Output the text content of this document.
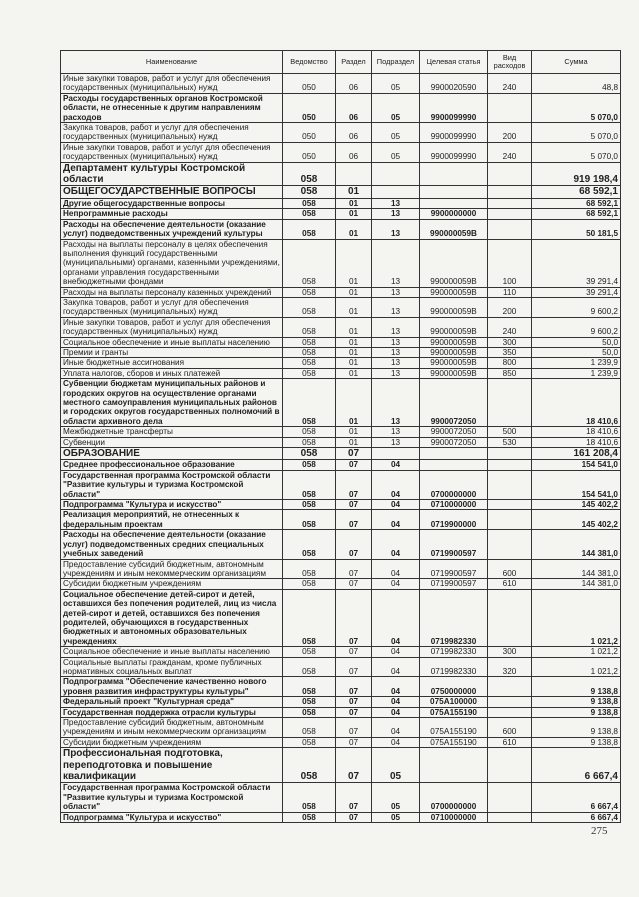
Наименование	Ведомство	Раздел	Подраздел	Целевая статья	Вид расходов	Сумма
Иные закупки товаров, работ и услуг для обеспечения государственных (муниципальных) нужд	050	06	05	9900020590	240	48,8
Расходы государственных органов Костромской области, не отнесенные к другим направлениям расходов	050	06	05	9900099990		5 070,0
Закупка товаров, работ и услуг для обеспечения государственных (муниципальных) нужд	050	06	05	9900099990	200	5 070,0
Иные закупки товаров, работ и услуг для обеспечения государственных (муниципальных) нужд	050	06	05	9900099990	240	5 070,0
Департамент культуры Костромской области	058					919 198,4
ОБЩЕГОСУДАРСТВЕННЫЕ ВОПРОСЫ	058	01				68 592,1
Другие общегосударственные вопросы	058	01	13			68 592,1
Непрограммные расходы	058	01	13	9900000000		68 592,1
Расходы на обеспечение деятельности (оказание услуг) подведомственных учреждений культуры	058	01	13	990000059В		50 181,5
Расходы на выплаты персоналу в целях обеспечения выполнения функций государственными (муниципальными) органами, казенными учреждениями, органами управления государственными внебюджетными фондами	058	01	13	990000059В	100	39 291,4
Расходы на выплаты персоналу казенных учреждений	058	01	13	990000059В	110	39 291,4
Закупка товаров, работ и услуг для обеспечения государственных (муниципальных) нужд	058	01	13	990000059В	200	9 600,2
Иные закупки товаров, работ и услуг для обеспечения государственных (муниципальных) нужд	058	01	13	990000059В	240	9 600,2
Социальное обеспечение и иные выплаты населению	058	01	13	990000059В	300	50,0
Премии и гранты	058	01	13	990000059В	350	50,0
Иные бюджетные ассигнования	058	01	13	990000059В	800	1 239,9
Уплата налогов, сборов и иных платежей	058	01	13	990000059В	850	1 239,9
Субвенции бюджетам муниципальных районов и городских округов на осуществление органами местного самоуправления муниципальных районов и городских округов государственных полномочий в области архивного дела	058	01	13	9900072050		18 410,6
Межбюджетные трансферты	058	01	13	9900072050	500	18 410,6
Субвенции	058	01	13	9900072050	530	18 410,6
ОБРАЗОВАНИЕ	058	07				161 208,4
Среднее профессиональное образование	058	07	04			154 541,0
Государственная программа Костромской области "Развитие культуры и туризма Костромской области"	058	07	04	0700000000		154 541,0
Подпрограмма "Культура и искусство"	058	07	04	0710000000		145 402,2
Реализация мероприятий, не отнесенных к федеральным проектам	058	07	04	0719900000		145 402,2
Расходы на обеспечение деятельности (оказание услуг) подведомственных средних специальных учебных заведений	058	07	04	0719900597		144 381,0
Предоставление субсидий бюджетным, автономным учреждениям и иным некоммерческим организациям	058	07	04	0719900597	600	144 381,0
Субсидии бюджетным учреждениям	058	07	04	0719900597	610	144 381,0
Социальное обеспечение детей-сирот и детей, оставшихся без попечения родителей, лиц из числа детей-сирот и детей, оставшихся без попечения родителей, обучающихся в государственных бюджетных и автономных образовательных учреждениях	058	07	04	0719982330		1 021,2
Социальное обеспечение и иные выплаты населению	058	07	04	0719982330	300	1 021,2
Социальные выплаты гражданам, кроме публичных нормативных социальных выплат	058	07	04	0719982330	320	1 021,2
Подпрограмма "Обеспечение качественно нового уровня развития инфраструктуры культуры"	058	07	04	0750000000		9 138,8
Федеральный проект "Культурная среда"	058	07	04	075А100000		9 138,8
Государственная поддержка отрасли культуры	058	07	04	075А155190		9 138,8
Предоставление субсидий бюджетным, автономным учреждениям и иным некоммерческим организациям	058	07	04	075А155190	600	9 138,8
Субсидии бюджетным учреждениям	058	07	04	075А155190	610	9 138,8
Профессиональная подготовка, переподготовка и повышение квалификации	058	07	05			6 667,4
Государственная программа Костромской области "Развитие культуры и туризма Костромской области"	058	07	05	0700000000		6 667,4
Подпрограмма "Культура и искусство"	058	07	05	0710000000		6 667,4
275
